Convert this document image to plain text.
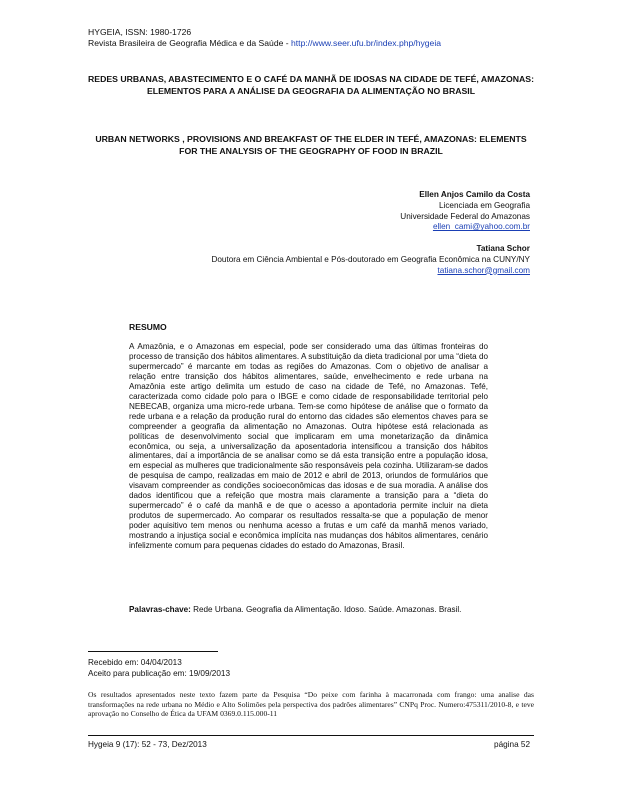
HYGEIA, ISSN: 1980-1726
Revista Brasileira de Geografia Médica e da Saúde - http://www.seer.ufu.br/index.php/hygeia

REDES URBANAS, ABASTECIMENTO E O CAFÉ DA MANHÃ DE IDOSAS NA CIDADE DE TEFÉ, AMAZONAS: ELEMENTOS PARA A ANÁLISE DA GEOGRAFIA DA ALIMENTAÇÃO NO BRASIL

URBAN NETWORKS , PROVISIONS AND BREAKFAST OF THE ELDER IN TEFÉ, AMAZONAS: ELEMENTS FOR THE ANALYSIS OF THE GEOGRAPHY OF FOOD IN BRAZIL

Ellen Anjos Camilo da Costa
Licenciada em Geografia
Universidade Federal do Amazonas
ellen_cami@yahoo.com.br
Tatiana Schor
Doutora em Ciência Ambiental e Pós-doutorado em Geografia Econômica na CUNY/NY
tatiana.schor@gmail.com
RESUMO

A Amazônia, e o Amazonas em especial, pode ser considerado uma das últimas fronteiras do processo de transição dos hábitos alimentares. A substituição da dieta tradicional por uma “dieta do supermercado” é marcante em todas as regiões do Amazonas. Com o objetivo de analisar a relação entre transição dos hábitos alimentares, saúde, envelhecimento e rede urbana na Amazônia este artigo delimita um estudo de caso na cidade de Tefé, no Amazonas. Tefé, caracterizada como cidade polo para o IBGE e como cidade de responsabilidade territorial pelo NEBECAB, organiza uma micro-rede urbana. Tem-se como hipótese de análise que o formato da rede urbana e a relação da produção rural do entorno das cidades são elementos chaves para se compreender a geografia da alimentação no Amazonas. Outra hipótese está relacionada as políticas de desenvolvimento social que implicaram em uma monetarização da dinâmica econômica, ou seja, a universalização da aposentadoria intensificou a transição dos hábitos alimentares, daí a importância de se analisar como se dá esta transição entre a população idosa, em especial as mulheres que tradicionalmente são responsáveis pela cozinha. Utilizaram-se dados de pesquisa de campo, realizadas em maio de 2012 e abril de 2013, oriundos de formulários que visavam compreender as condições socioeconômicas das idosas e de sua moradia. A análise dos dados identificou que a refeição que mostra mais claramente a transição para a “dieta do supermercado” é o café da manhã e de que o acesso a apontadoria permite incluir na dieta produtos de supermercado. Ao comparar os resultados ressalta-se que a população de menor poder aquisitivo tem menos ou nenhuma acesso a frutas e um café da manhã menos variado, mostrando a injustiça social e econômica implícita nas mudanças dos hábitos alimentares, cenário infelizmente comum para pequenas cidades do estado do Amazonas, Brasil.

Palavras-chave: Rede Urbana. Geografia da Alimentação. Idoso. Saúde. Amazonas. Brasil.
Recebido em: 04/04/2013
Aceito para publicação em: 19/09/2013
Os resultados apresentados neste texto fazem parte da Pesquisa “Do peixe com farinha à macarronada com frango: uma analise das transformações na rede urbana no Médio e Alto Solimões pela perspectiva dos padrões alimentares” CNPq Proc. Numero:475311/2010-8, e teve aprovação no Conselho de Ética da UFAM 0369.0.115.000-11
Hygeia 9 (17): 52 - 73, Dez/2013	página 52
